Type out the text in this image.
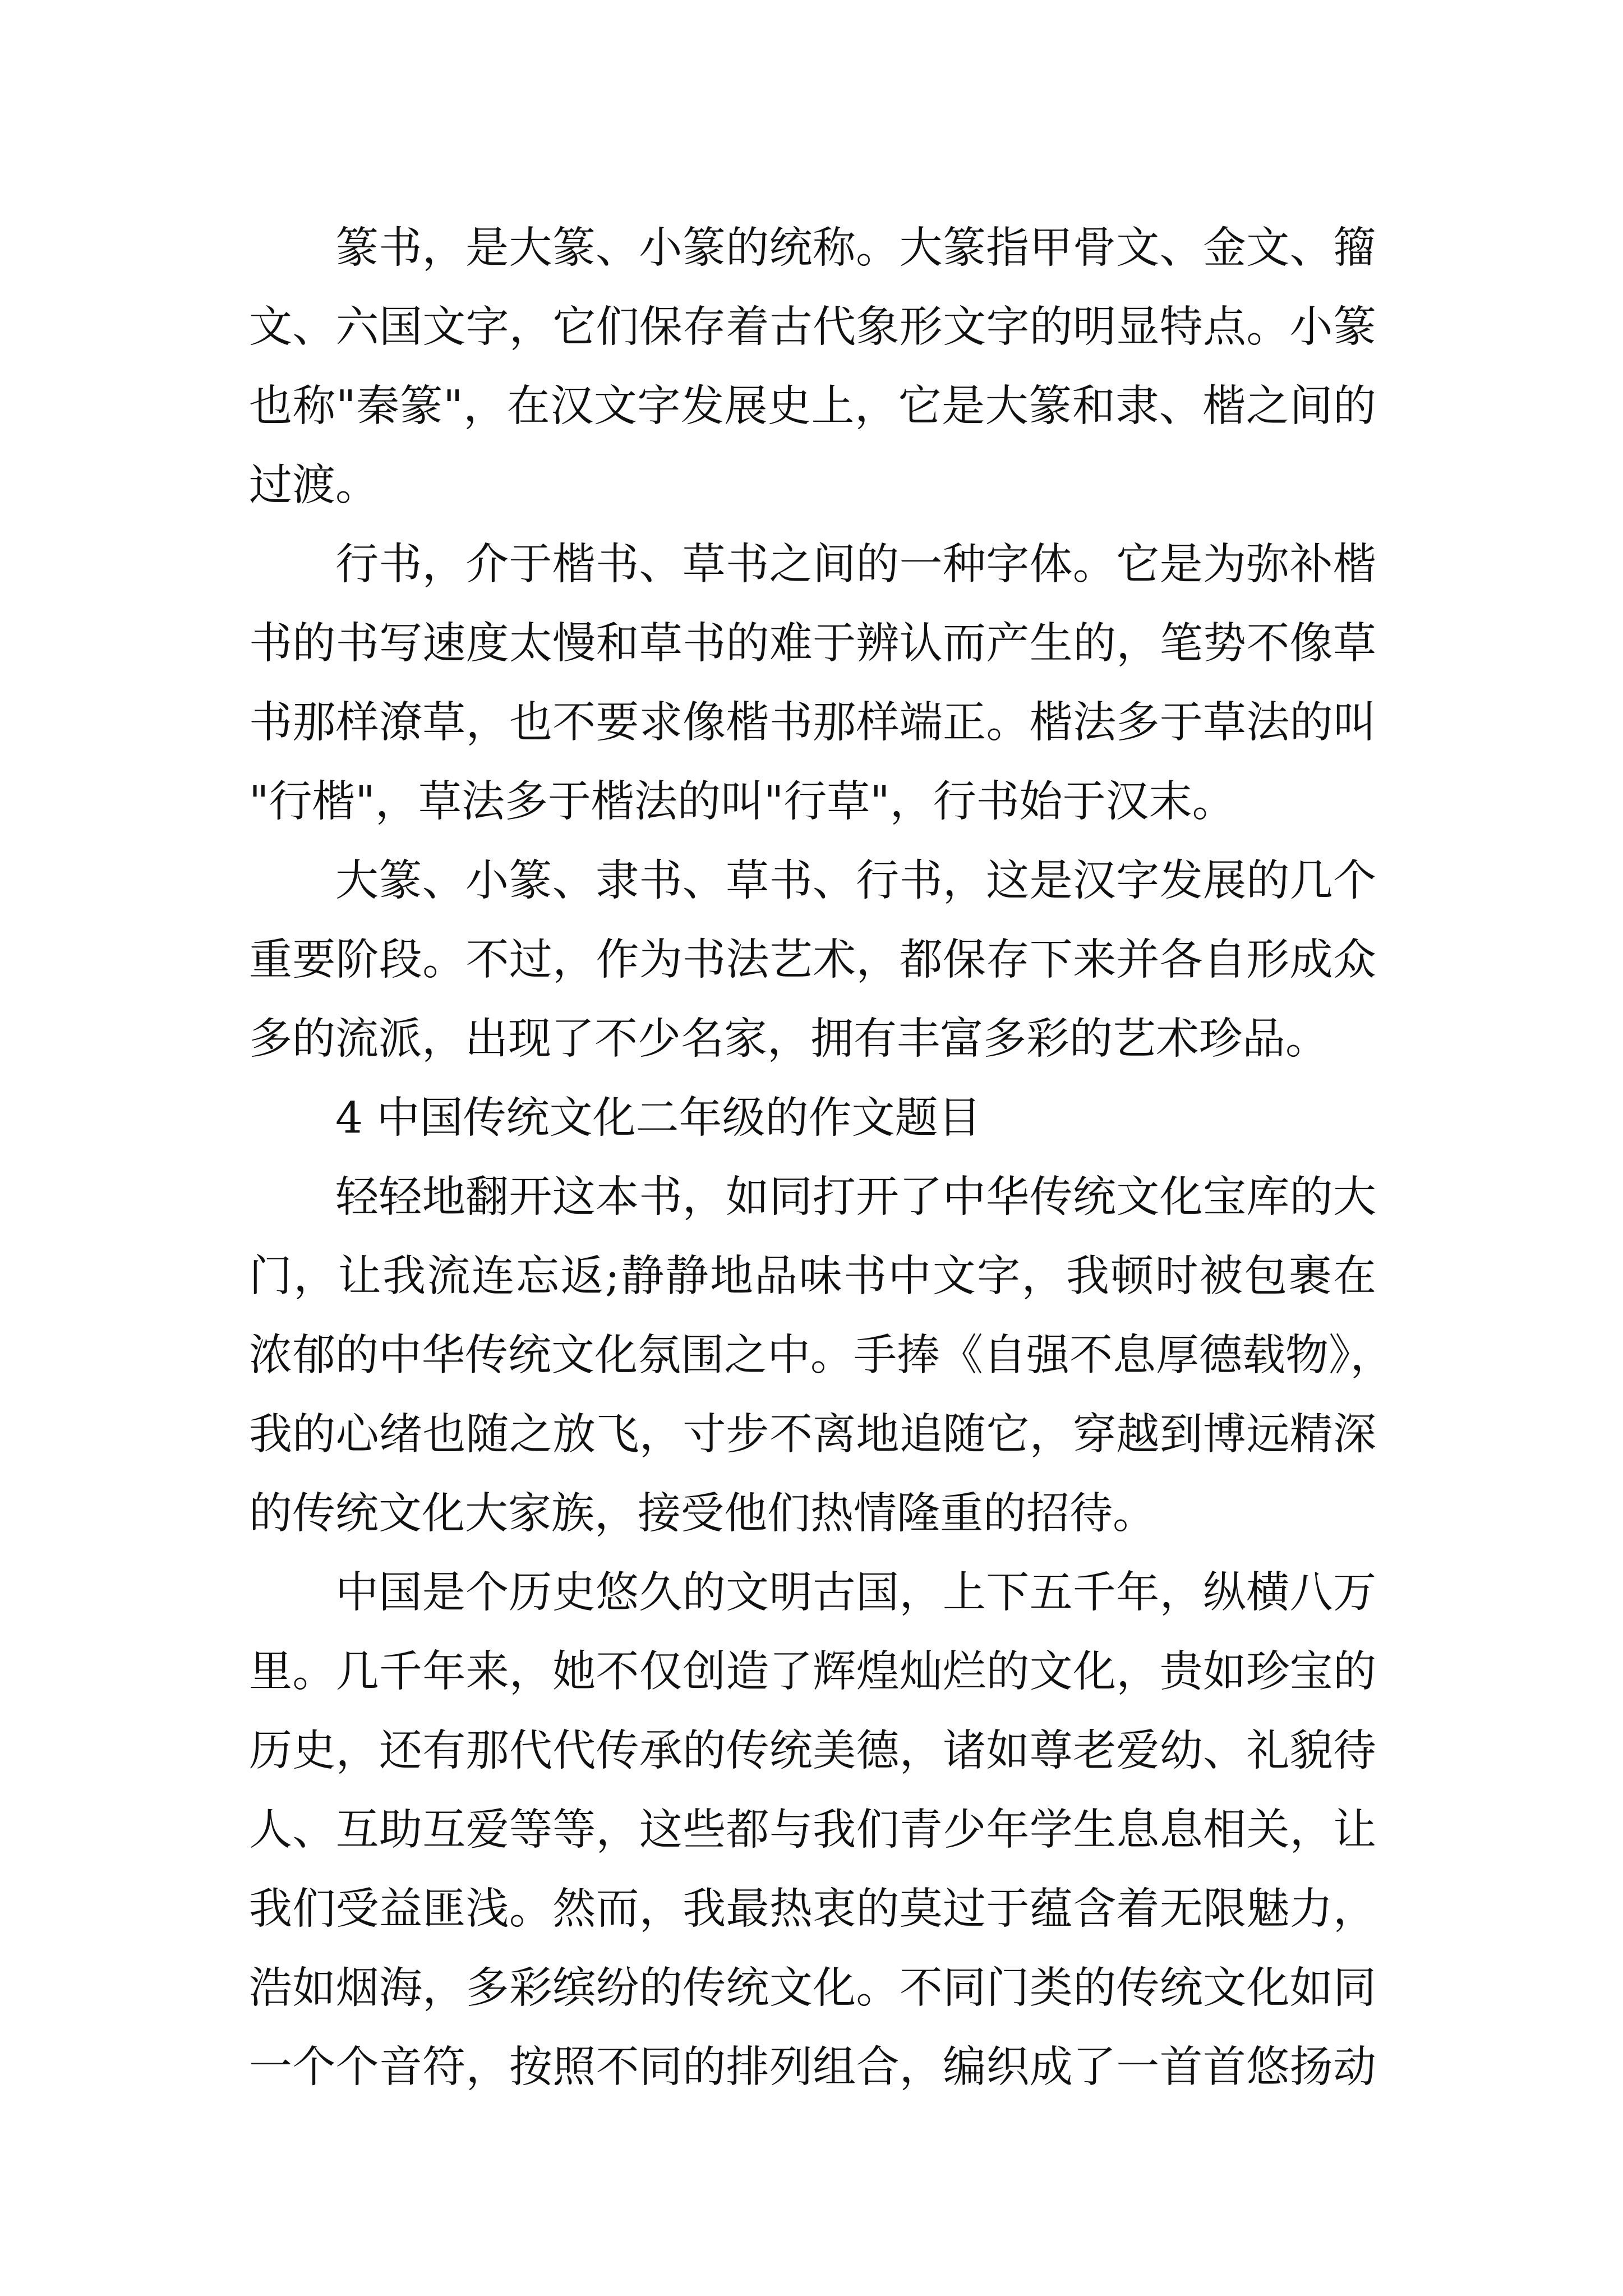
篆书，是大篆、小篆的统称。大篆指甲骨文、金文、籀
文、六国文字，它们保存着古代象形文字的明显特点。小篆
也称"秦篆"，在汉文字发展史上，它是大篆和隶、楷之间的
过渡。
行书，介于楷书、草书之间的一种字体。它是为弥补楷
书的书写速度太慢和草书的难于辨认而产生的，笔势不像草
书那样潦草，也不要求像楷书那样端正。楷法多于草法的叫
"行楷"，草法多于楷法的叫"行草"，行书始于汉末。
大篆、小篆、隶书、草书、行书，这是汉字发展的几个
重要阶段。不过，作为书法艺术，都保存下来并各自形成众
多的流派，出现了不少名家，拥有丰富多彩的艺术珍品。
4 中国传统文化二年级的作文题目
轻轻地翻开这本书，如同打开了中华传统文化宝库的大
门，让我流连忘返;静静地品味书中文字，我顿时被包裹在
浓郁的中华传统文化氛围之中。手捧《自强不息厚德载物》，
我的心绪也随之放飞，寸步不离地追随它，穿越到博远精深
的传统文化大家族，接受他们热情隆重的招待。
中国是个历史悠久的文明古国，上下五千年，纵横八万
里。几千年来，她不仅创造了辉煌灿烂的文化，贵如珍宝的
历史，还有那代代传承的传统美德，诸如尊老爱幼、礼貌待
人、互助互爱等等，这些都与我们青少年学生息息相关，让
我们受益匪浅。然而，我最热衷的莫过于蕴含着无限魅力，
浩如烟海，多彩缤纷的传统文化。不同门类的传统文化如同
一个个音符，按照不同的排列组合，编织成了一首首悠扬动
